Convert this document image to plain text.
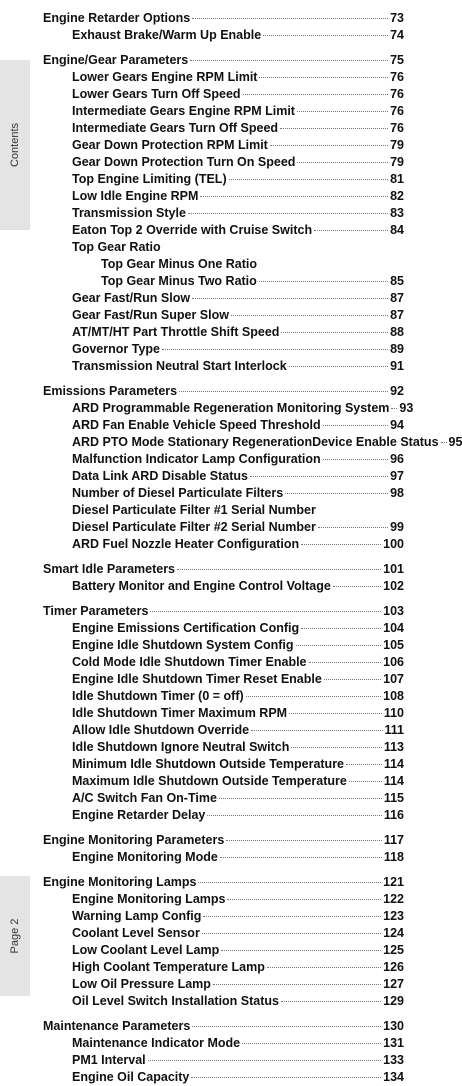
Contents
Page 2
Engine Retarder Options	73
Exhaust Brake/Warm Up Enable	74
Engine/Gear Parameters	75
Lower Gears Engine RPM Limit	76
Lower Gears Turn Off Speed	76
Intermediate Gears Engine RPM Limit	76
Intermediate Gears Turn Off Speed	76
Gear Down Protection RPM Limit	79
Gear Down Protection Turn On Speed	79
Top Engine Limiting (TEL)	81
Low Idle Engine RPM	82
Transmission Style	83
Eaton Top 2 Override with Cruise Switch	84
Top Gear Ratio
Top Gear Minus One Ratio
Top Gear Minus Two Ratio	85
Gear Fast/Run Slow	87
Gear Fast/Run Super Slow	87
AT/MT/HT Part Throttle Shift Speed	88
Governor Type	89
Transmission Neutral Start Interlock	91
Emissions Parameters	92
ARD Programmable Regeneration Monitoring System 93
ARD Fan Enable Vehicle Speed Threshold	94
ARD PTO Mode Stationary RegenerationDevice Enable Status 95
Malfunction Indicator Lamp Configuration	96
Data Link ARD Disable Status	97
Number of Diesel Particulate Filters	98
Diesel Particulate Filter #1 Serial Number
Diesel Particulate Filter #2 Serial Number	99
ARD Fuel Nozzle Heater Configuration	100
Smart Idle Parameters	101
Battery Monitor and Engine Control Voltage	102
Timer Parameters	103
Engine Emissions Certification Config	104
Engine Idle Shutdown System Config	105
Cold Mode Idle Shutdown Timer Enable	106
Engine Idle Shutdown Timer Reset Enable	107
Idle Shutdown Timer (0 = off)	108
Idle Shutdown Timer Maximum RPM	110
Allow Idle Shutdown Override	111
Idle Shutdown Ignore Neutral Switch	113
Minimum Idle Shutdown Outside Temperature	114
Maximum Idle Shutdown Outside Temperature	114
A/C Switch Fan On-Time	115
Engine Retarder Delay	116
Engine Monitoring Parameters	117
Engine Monitoring Mode	118
Engine Monitoring Lamps	121
Engine Monitoring Lamps	122
Warning Lamp Config	123
Coolant Level Sensor	124
Low Coolant Level Lamp	125
High Coolant Temperature Lamp	126
Low Oil Pressure Lamp	127
Oil Level Switch Installation Status	129
Maintenance Parameters	130
Maintenance Indicator Mode	131
PM1 Interval	133
Engine Oil Capacity	134
